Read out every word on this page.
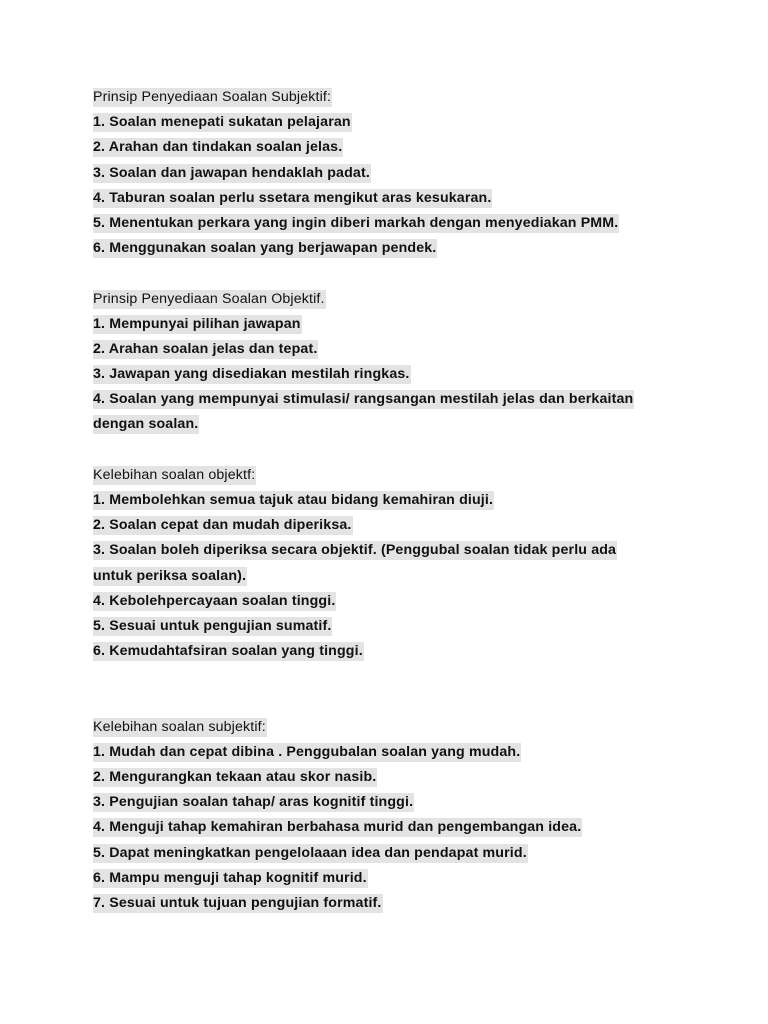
Prinsip Penyediaan Soalan Subjektif:
1. Soalan menepati sukatan pelajaran
2. Arahan dan tindakan soalan jelas.
3. Soalan dan jawapan hendaklah padat.
4. Taburan soalan perlu ssetara mengikut aras kesukaran.
5. Menentukan perkara yang ingin diberi markah dengan menyediakan PMM.
6. Menggunakan soalan yang berjawapan pendek.
Prinsip Penyediaan Soalan Objektif.
1. Mempunyai pilihan jawapan
2. Arahan soalan jelas dan tepat.
3. Jawapan yang disediakan mestilah ringkas.
4. Soalan yang mempunyai stimulasi/ rangsangan mestilah jelas dan berkaitan
dengan soalan.
Kelebihan soalan objektf:
1. Membolehkan semua tajuk atau bidang kemahiran diuji.
2. Soalan cepat dan mudah diperiksa.
3. Soalan boleh diperiksa secara objektif. (Penggubal soalan tidak perlu ada
untuk periksa soalan).
4. Kebolehpercayaan soalan tinggi.
5. Sesuai untuk pengujian sumatif.
6. Kemudahtafsiran soalan yang tinggi.
Kelebihan soalan subjektif:
1. Mudah dan cepat dibina . Penggubalan soalan yang mudah.
2. Mengurangkan tekaan atau skor nasib.
3. Pengujian soalan tahap/ aras kognitif tinggi.
4. Menguji tahap kemahiran berbahasa murid dan pengembangan idea.
5. Dapat meningkatkan pengelolaaan idea dan pendapat murid.
6. Mampu menguji tahap kognitif murid.
7. Sesuai untuk tujuan pengujian formatif.
